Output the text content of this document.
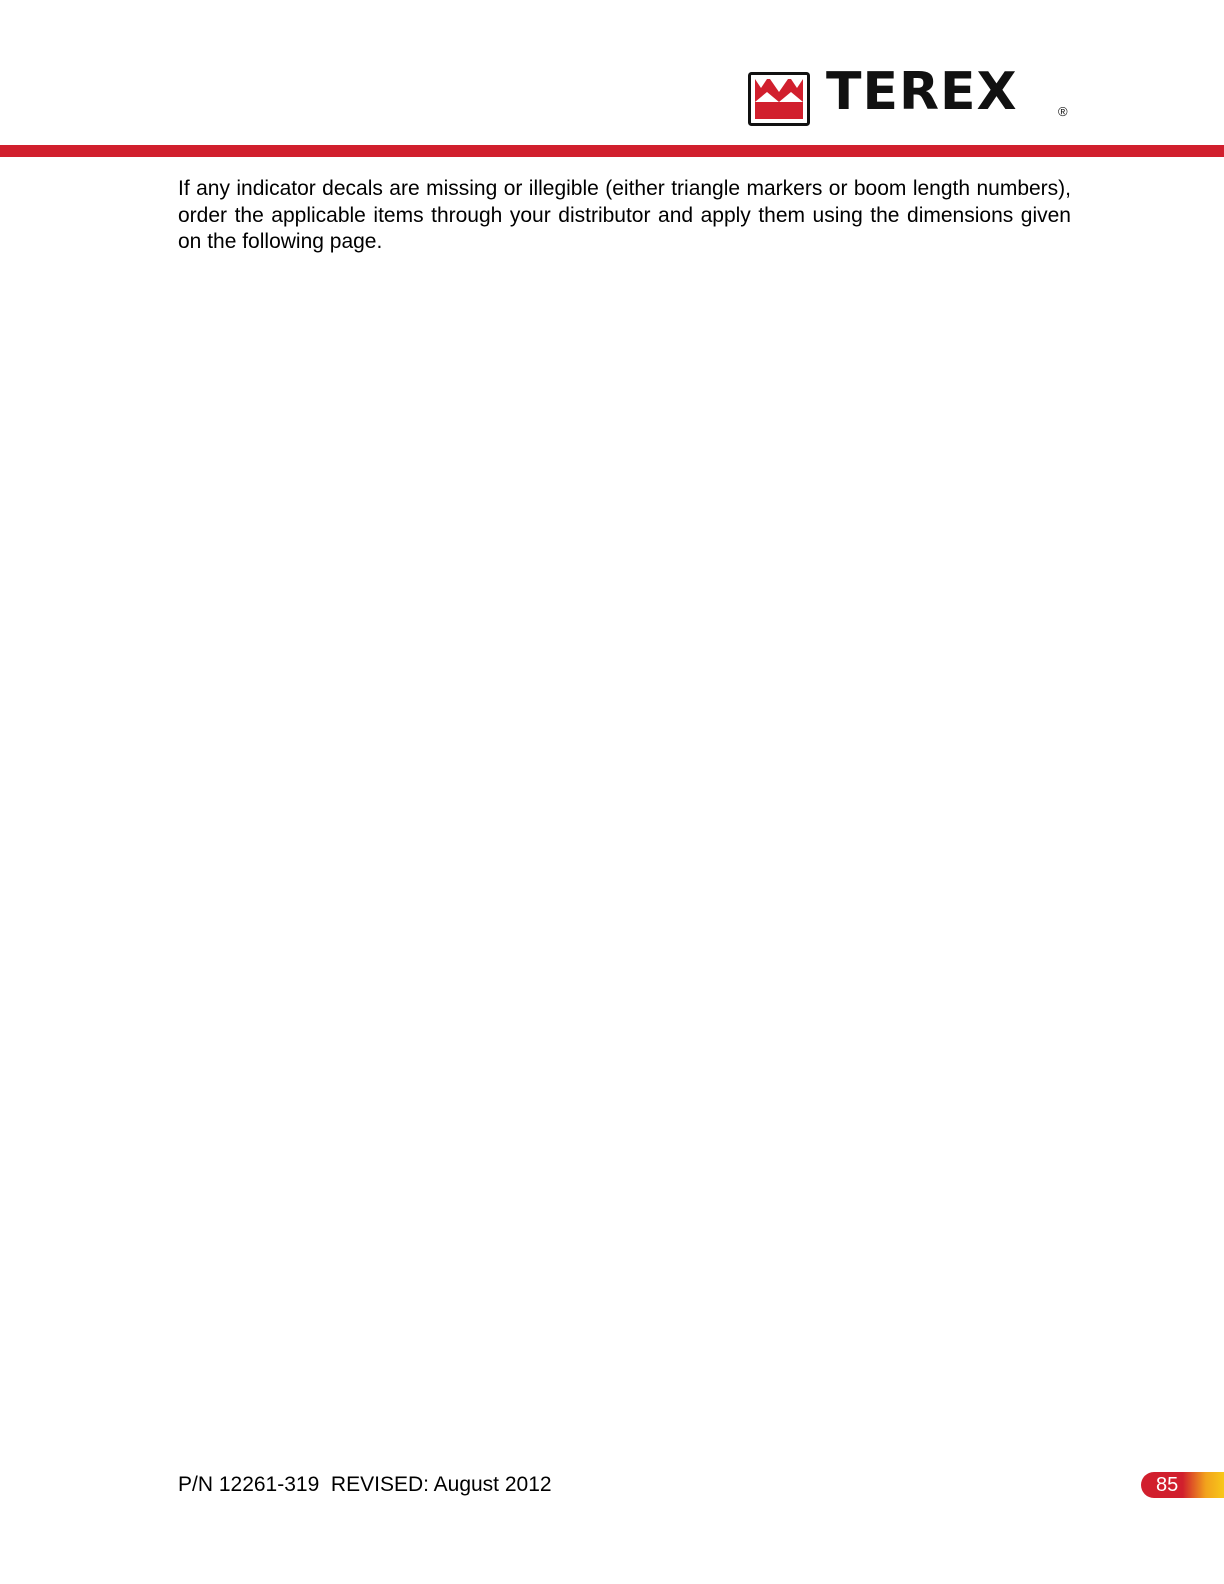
TEREX	®

If any indicator decals are missing or illegible (either triangle markers or boom length numbers), order the applicable items through your distributor and apply them using the dimensions given on the following page.

P/N 12261-319  REVISED: August 2012	85
